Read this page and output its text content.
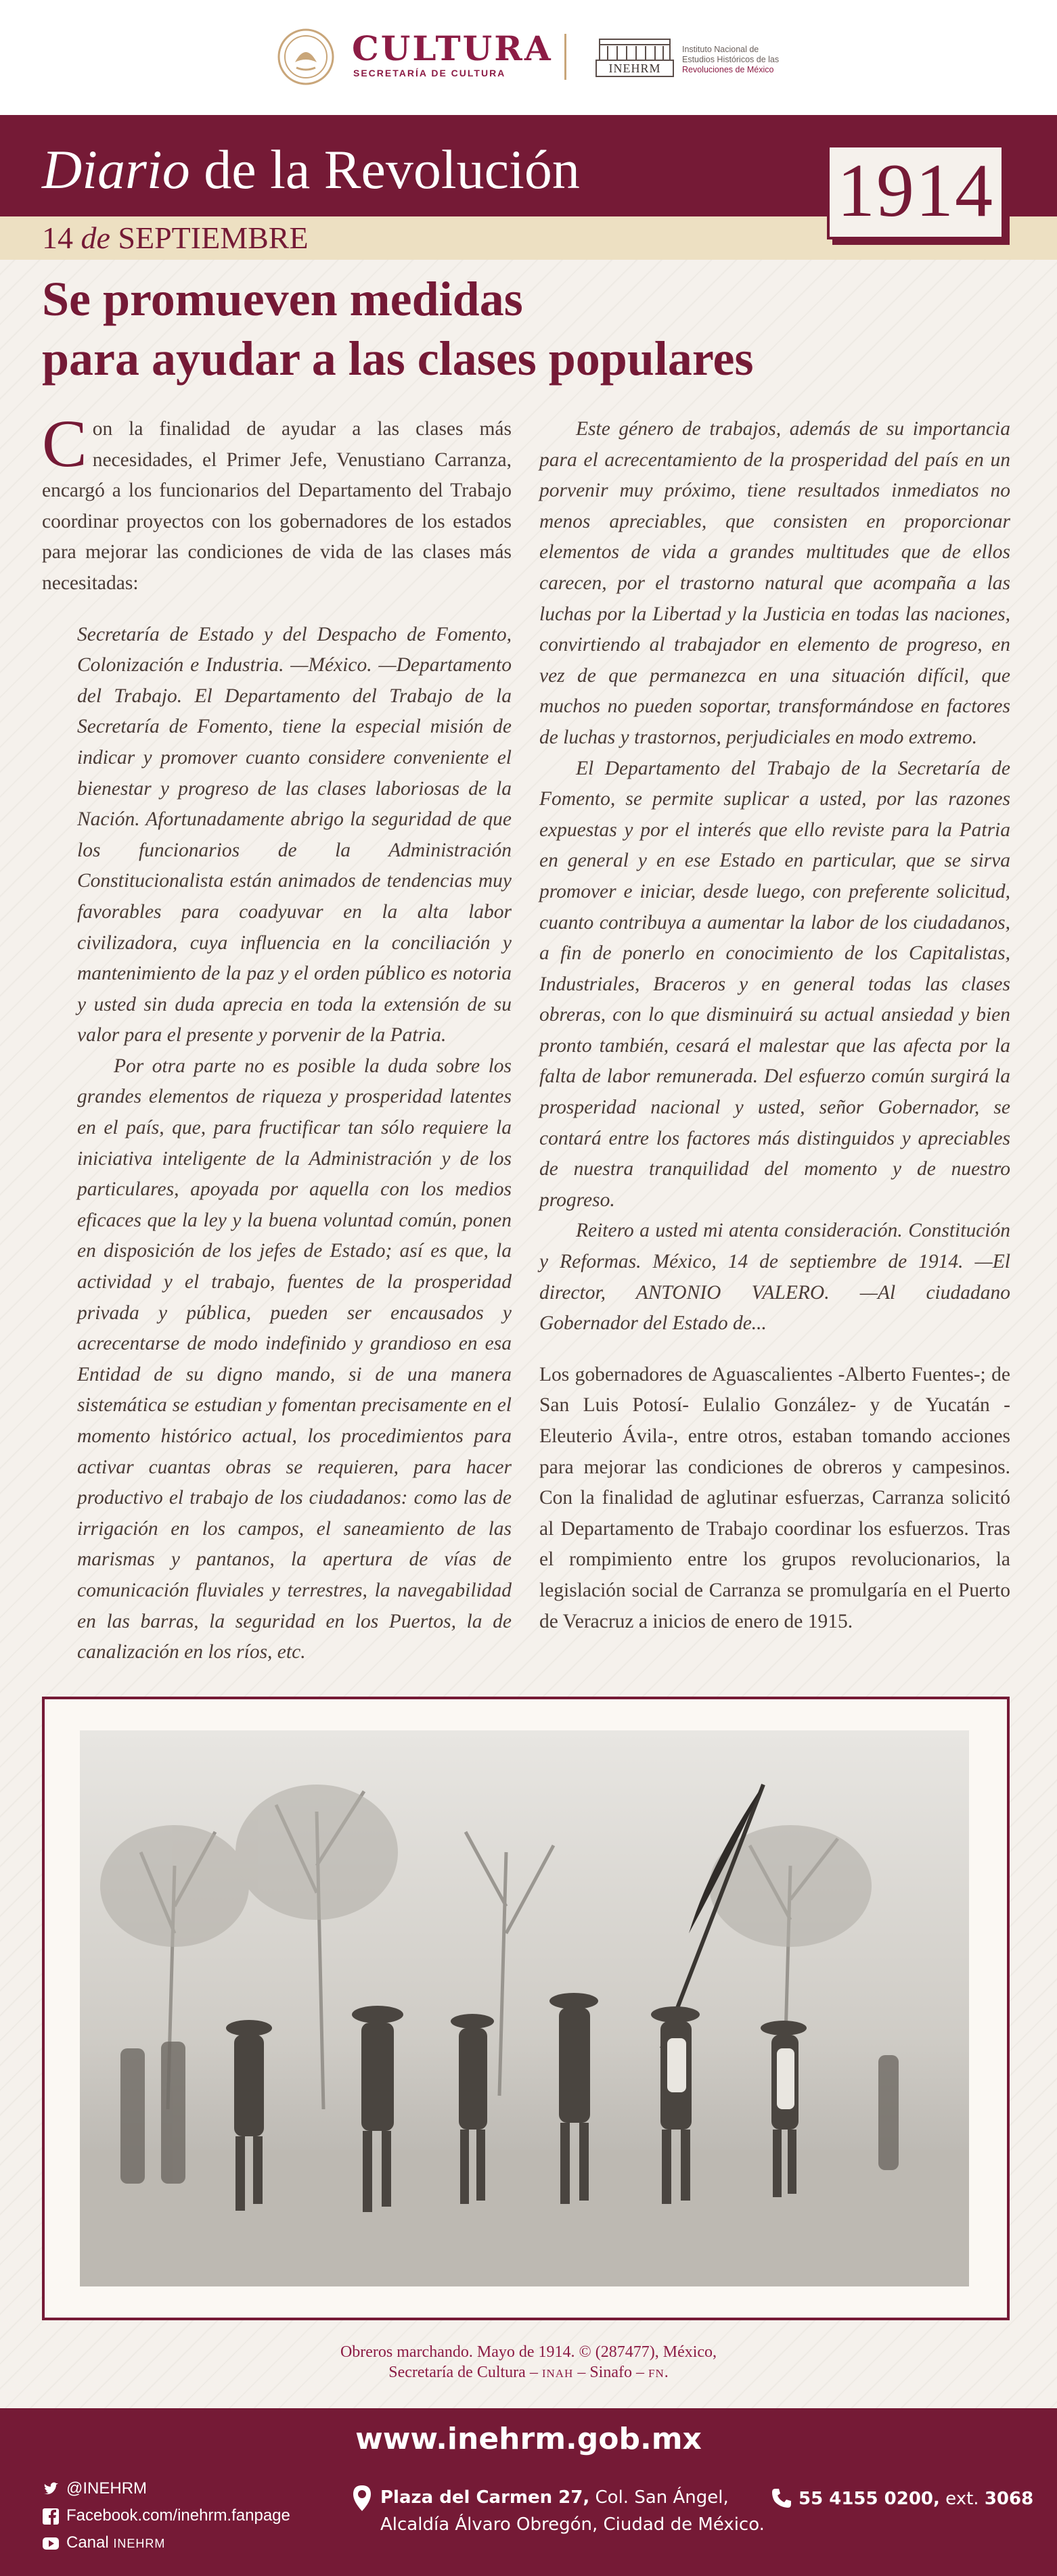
CULTURA
SECRETARÍA DE CULTURA	INEHRM
Instituto Nacional de
Estudios Históricos de las
Revoluciones de México
Diario de la Revolución
14 de SEPTIEMBRE
1914
Se promueven medidas
para ayudar a las clases populares

Con la finalidad de ayudar a las clases más necesidades, el Primer Jefe, Venustiano Carranza, encargó a los funcionarios del Departamento del Trabajo coordinar proyectos con los gobernadores de los estados para mejorar las condiciones de vida de las clases más necesitadas:

Secretaría de Estado y del Despacho de Fomento, Colonización e Industria. —México. —Departamento del Trabajo. El Departamento del Trabajo de la Secretaría de Fomento, tiene la especial misión de indicar y promover cuanto considere conveniente el bienestar y progreso de las clases laboriosas de la Nación. Afortunadamente abrigo la seguridad de que los funcionarios de la Administración Constitucionalista están animados de tendencias muy favorables para coadyuvar en la alta labor civilizadora, cuya influencia en la conciliación y mantenimiento de la paz y el orden público es notoria y usted sin duda aprecia en toda la extensión de su valor para el presente y porvenir de la Patria.

Por otra parte no es posible la duda sobre los grandes elementos de riqueza y prosperidad latentes en el país, que, para fructificar tan sólo requiere la iniciativa inteligente de la Administración y de los particulares, apoyada por aquella con los medios eficaces que la ley y la buena voluntad común, ponen en disposición de los jefes de Estado; así es que, la actividad y el trabajo, fuentes de la prosperidad privada y pública, pueden ser encausados y acrecentarse de modo indefinido y grandioso en esa Entidad de su digno mando, si de una manera sistemática se estudian y fomentan precisamente en el momento histórico actual, los procedimientos para activar cuantas obras se requieren, para hacer productivo el trabajo de los ciudadanos: como las de irrigación en los campos, el saneamiento de las marismas y pantanos, la apertura de vías de comunicación fluviales y terrestres, la navegabilidad en las barras, la seguridad en los Puertos, la de canalización en los ríos, etc.

Este género de trabajos, además de su importancia para el acrecentamiento de la prosperidad del país en un porvenir muy próximo, tiene resultados inmediatos no menos apreciables, que consisten en proporcionar elementos de vida a grandes multitudes que de ellos carecen, por el trastorno natural que acompaña a las luchas por la Libertad y la Justicia en todas las naciones, convirtiendo al trabajador en elemento de progreso, en vez de que permanezca en una situación difícil, que muchos no pueden soportar, transformándose en factores de luchas y trastornos, perjudiciales en modo extremo.

El Departamento del Trabajo de la Secretaría de Fomento, se permite suplicar a usted, por las razones expuestas y por el interés que ello reviste para la Patria en general y en ese Estado en particular, que se sirva promover e iniciar, desde luego, con preferente solicitud, cuanto contribuya a aumentar la labor de los ciudadanos, a fin de ponerlo en conocimiento de los Capitalistas, Industriales, Braceros y en general todas las clases obreras, con lo que disminuirá su actual ansiedad y bien pronto también, cesará el malestar que las afecta por la falta de labor remunerada. Del esfuerzo común surgirá la prosperidad nacional y usted, señor Gobernador, se contará entre los factores más distinguidos y apreciables de nuestra tranquilidad del momento y de nuestro progreso.

Reitero a usted mi atenta consideración. Constitución y Reformas. México, 14 de septiembre de 1914. —El director, ANTONIO VALERO. —Al ciudadano Gobernador del Estado de...

Los gobernadores de Aguascalientes -Alberto Fuentes-; de San Luis Potosí- Eulalio González- y de Yucatán -Eleuterio Ávila-, entre otros, estaban tomando acciones para mejorar las condiciones de obreros y campesinos. Con la finalidad de aglutinar esfuerzas, Carranza solicitó al Departamento de Trabajo coordinar los esfuerzos. Tras el rompimiento entre los grupos revolucionarios, la legislación social de Carranza se promulgaría en el Puerto de Veracruz a inicios de enero de 1915.

Obreros marchando. Mayo de 1914. © (287477), México,
Secretaría de Cultura – INAH – Sinafo – FN.
www.inehrm.gob.mx
@INEHRM
Facebook.com/inehrm.fanpage
Canal INEHRM
Plaza del Carmen 27, Col. San Ángel,
Alcaldía Álvaro Obregón, Ciudad de México.
55 4155 0200, ext. 3068
